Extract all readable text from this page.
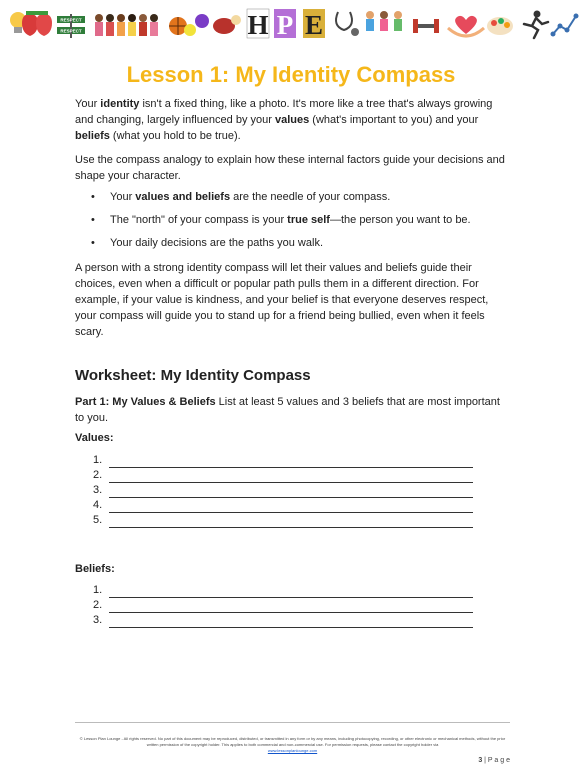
RESPECT
RESPECT	H P E
Lesson 1: My Identity Compass

Your identity isn't a fixed thing, like a photo. It's more like a tree that's always growing and changing, largely influenced by your values (what's important to you) and your beliefs (what you hold to be true).

Use the compass analogy to explain how these internal factors guide your decisions and shape your character.

• Your values and beliefs are the needle of your compass.
• The "north" of your compass is your true self—the person you want to be.
• Your daily decisions are the paths you walk.

A person with a strong identity compass will let their values and beliefs guide their choices, even when a difficult or popular path pulls them in a different direction. For example, if your value is kindness, and your belief is that everyone deserves respect, your compass will guide you to stand up for a friend being bullied, even when it feels scary.

Worksheet: My Identity Compass

Part 1: My Values & Beliefs List at least 5 values and 3 beliefs that are most important to you.

Values:
1.
2.
3.
4.
5.
Beliefs:
1.
2.
3.
© Lesson Plan Lounge - All rights reserved. No part of this document may be reproduced, distributed, or transmitted in any form or by any means, including photocopying, recording, or other electronic or mechanical methods, without the prior written permission of the copyright holder. This applies to both commercial and non-commercial use. For permission requests, please contact the copyright holder via
www.lessonplanlounge.com
3 | P a g e
